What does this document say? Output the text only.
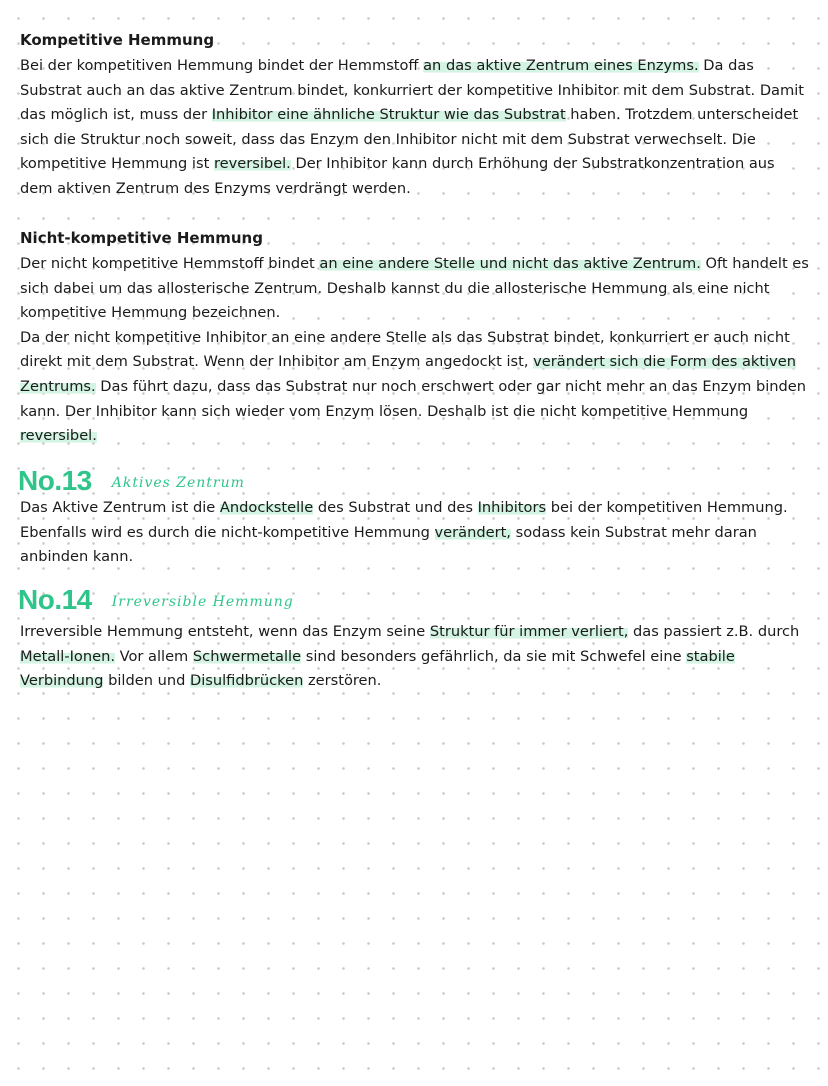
Kompetitive Hemmung
Bei der kompetitiven Hemmung bindet der Hemmstoff an das aktive Zentrum eines Enzyms. Da das Substrat auch an das aktive Zentrum bindet, konkurriert der kompetitive Inhibitor mit dem Substrat. Damit das möglich ist, muss der Inhibitor eine ähnliche Struktur wie das Substrat haben. Trotzdem unterscheidet sich die Struktur noch soweit, dass das Enzym den Inhibitor nicht mit dem Substrat verwechselt. Die kompetitive Hemmung ist reversibel. Der Inhibitor kann durch Erhöhung der Substratkonzentration aus dem aktiven Zentrum des Enzyms verdrängt werden.
Nicht-kompetitive Hemmung
Der nicht kompetitive Hemmstoff bindet an eine andere Stelle und nicht das aktive Zentrum. Oft handelt es sich dabei um das allosterische Zentrum. Deshalb kannst du die allosterische Hemmung als eine nicht kompetitive Hemmung bezeichnen.
Da der nicht kompetitive Inhibitor an eine andere Stelle als das Substrat bindet, konkurriert er auch nicht direkt mit dem Substrat. Wenn der Inhibitor am Enzym angedockt ist, verändert sich die Form des aktiven Zentrums. Das führt dazu, dass das Substrat nur noch erschwert oder gar nicht mehr an das Enzym binden kann. Der Inhibitor kann sich wieder vom Enzym lösen. Deshalb ist die nicht kompetitive Hemmung reversibel.
No.13 Aktives Zentrum
Das Aktive Zentrum ist die Andockstelle des Substrat und des Inhibitors bei der kompetitiven Hemmung. Ebenfalls wird es durch die nicht-kompetitive Hemmung verändert, sodass kein Substrat mehr daran anbinden kann.
No.14 Irreversible Hemmung
Irreversible Hemmung entsteht, wenn das Enzym seine Struktur für immer verliert, das passiert z.B. durch Metall-Ionen. Vor allem Schwermetalle sind besonders gefährlich, da sie mit Schwefel eine stabile Verbindung bilden und Disulfidbrücken zerstören.
